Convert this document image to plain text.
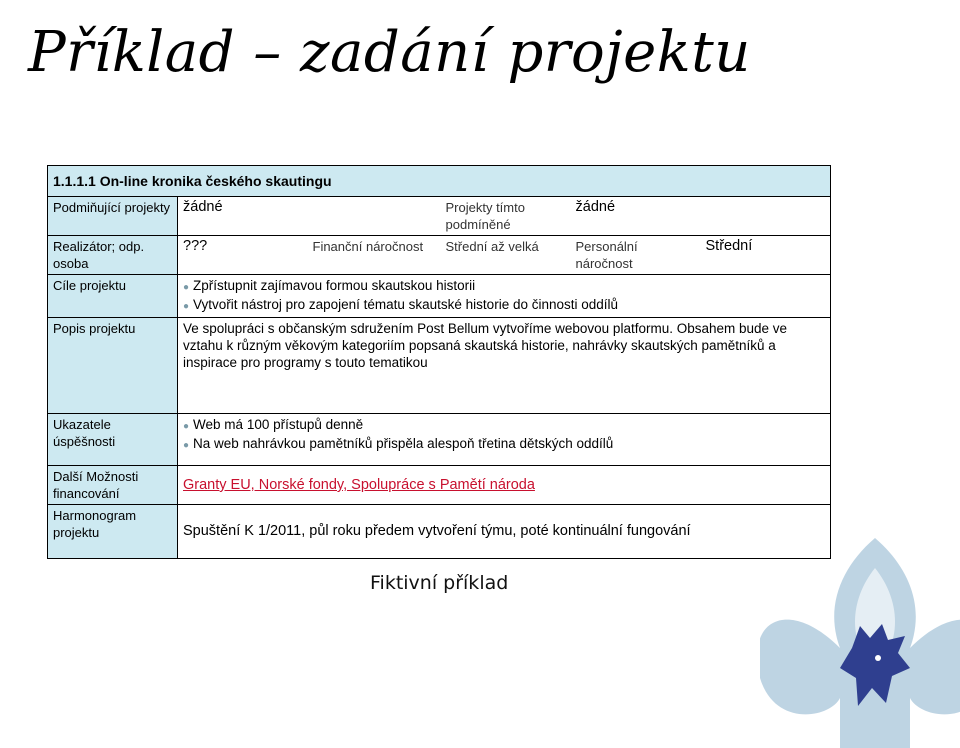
Příklad – zadání projektu
1.1.1.1 On-line kronika českého skautingu					
Podmiňující projekty	žádné		Projekty tímto podmíněné	žádné	
Realizátor; odp. osoba	???	Finanční náročnost	Střední až velká	Personální náročnost	Střední
Cíle projektu	● Zpřístupnit zajímavou formou skautskou historii
● Vytvořit nástroj pro zapojení tématu skautské historie do činnosti oddílů				

Popis projektu	Ve spolupráci s občanským sdružením Post Bellum vytvoříme webovou platformu. Obsahem bude ve vztahu k různým věkovým kategoriím popsaná skautská historie, nahrávky skautských pamětníků a inspirace pro programy s touto tematikou				
Ukazatele úspěšnosti	● Web má 100 přístupů denně
● Na web nahrávkou pamětníků přispěla alespoň třetina dětských oddílů				

Další Možnosti financování	Granty EU, Norské fondy, Spolupráce s Pamětí národa				
Harmonogram projektu	Spuštění K 1/2011, půl roku předem vytvoření týmu, poté kontinuální fungování				
Fiktivní příklad
